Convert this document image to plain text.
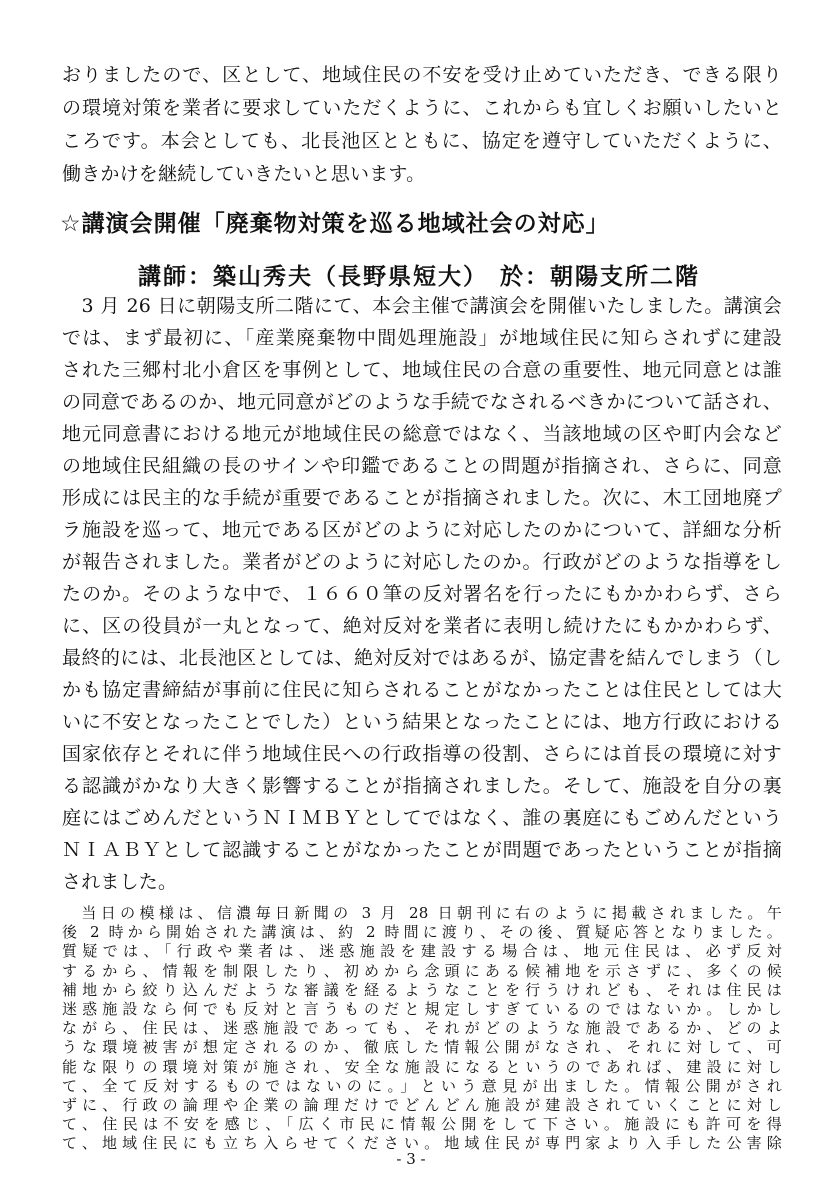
おりましたので、区として、地域住民の不安を受け止めていただき、できる限り
の環境対策を業者に要求していただくように、これからも宜しくお願いしたいと
ころです。本会としても、北長池区とともに、協定を遵守していただくように、
働きかけを継続していきたいと思います。
☆講演会開催「廃棄物対策を巡る地域社会の対応」
講師：築山秀夫（長野県短大） 於：朝陽支所二階
　3 月 26 日に朝陽支所二階にて、本会主催で講演会を開催いたしました。講演会
では、まず最初に、「産業廃棄物中間処理施設」が地域住民に知らされずに建設
された三郷村北小倉区を事例として、地域住民の合意の重要性、地元同意とは誰
の同意であるのか、地元同意がどのような手続でなされるべきかについて話され、
地元同意書における地元が地域住民の総意ではなく、当該地域の区や町内会など
の地域住民組織の長のサインや印鑑であることの問題が指摘され、さらに、同意
形成には民主的な手続が重要であることが指摘されました。次に、木工団地廃プ
ラ施設を巡って、地元である区がどのように対応したのかについて、詳細な分析
が報告されました。業者がどのように対応したのか。行政がどのような指導をし
たのか。そのような中で、１６６０筆の反対署名を行ったにもかかわらず、さら
に、区の役員が一丸となって、絶対反対を業者に表明し続けたにもかかわらず、
最終的には、北長池区としては、絶対反対ではあるが、協定書を結んでしまう（し
かも協定書締結が事前に住民に知らされることがなかったことは住民としては大
いに不安となったことでした）という結果となったことには、地方行政における
国家依存とそれに伴う地域住民への行政指導の役割、さらには首長の環境に対す
る認識がかなり大きく影響することが指摘されました。そして、施設を自分の裏
庭にはごめんだというＮＩＭＢＹとしてではなく、誰の裏庭にもごめんだという
ＮＩＡＢＹとして認識することがなかったことが問題であったということが指摘
されました。
　当日の模様は、信濃毎日新聞の 3 月 28 日朝刊に右のように掲載されました。午
後 2 時から開始された講演は、約 2 時間に渡り、その後、質疑応答となりました。
質疑では、「行政や業者は、迷惑施設を建設する場合は、地元住民は、必ず反対
するから、情報を制限したり、初めから念頭にある候補地を示さずに、多くの候
補地から絞り込んだような審議を経るようなことを行うけれども、それは住民は
迷惑施設なら何でも反対と言うものだと規定しすぎているのではないか。しかし
ながら、住民は、迷惑施設であっても、それがどのような施設であるか、どのよ
うな環境被害が想定されるのか、徹底した情報公開がなされ、それに対して、可
能な限りの環境対策が施され、安全な施設になるというのであれば、建設に対し
て、全て反対するものではないのに。」という意見が出ました。情報公開がされ
ずに、行政の論理や企業の論理だけでどんどん施設が建設されていくことに対し
て、住民は不安を感じ、「広く市民に情報公開をして下さい。施設にも許可を得
て、地域住民にも立ち入らせてください。地域住民が専門家より入手した公害除
- 3 -
